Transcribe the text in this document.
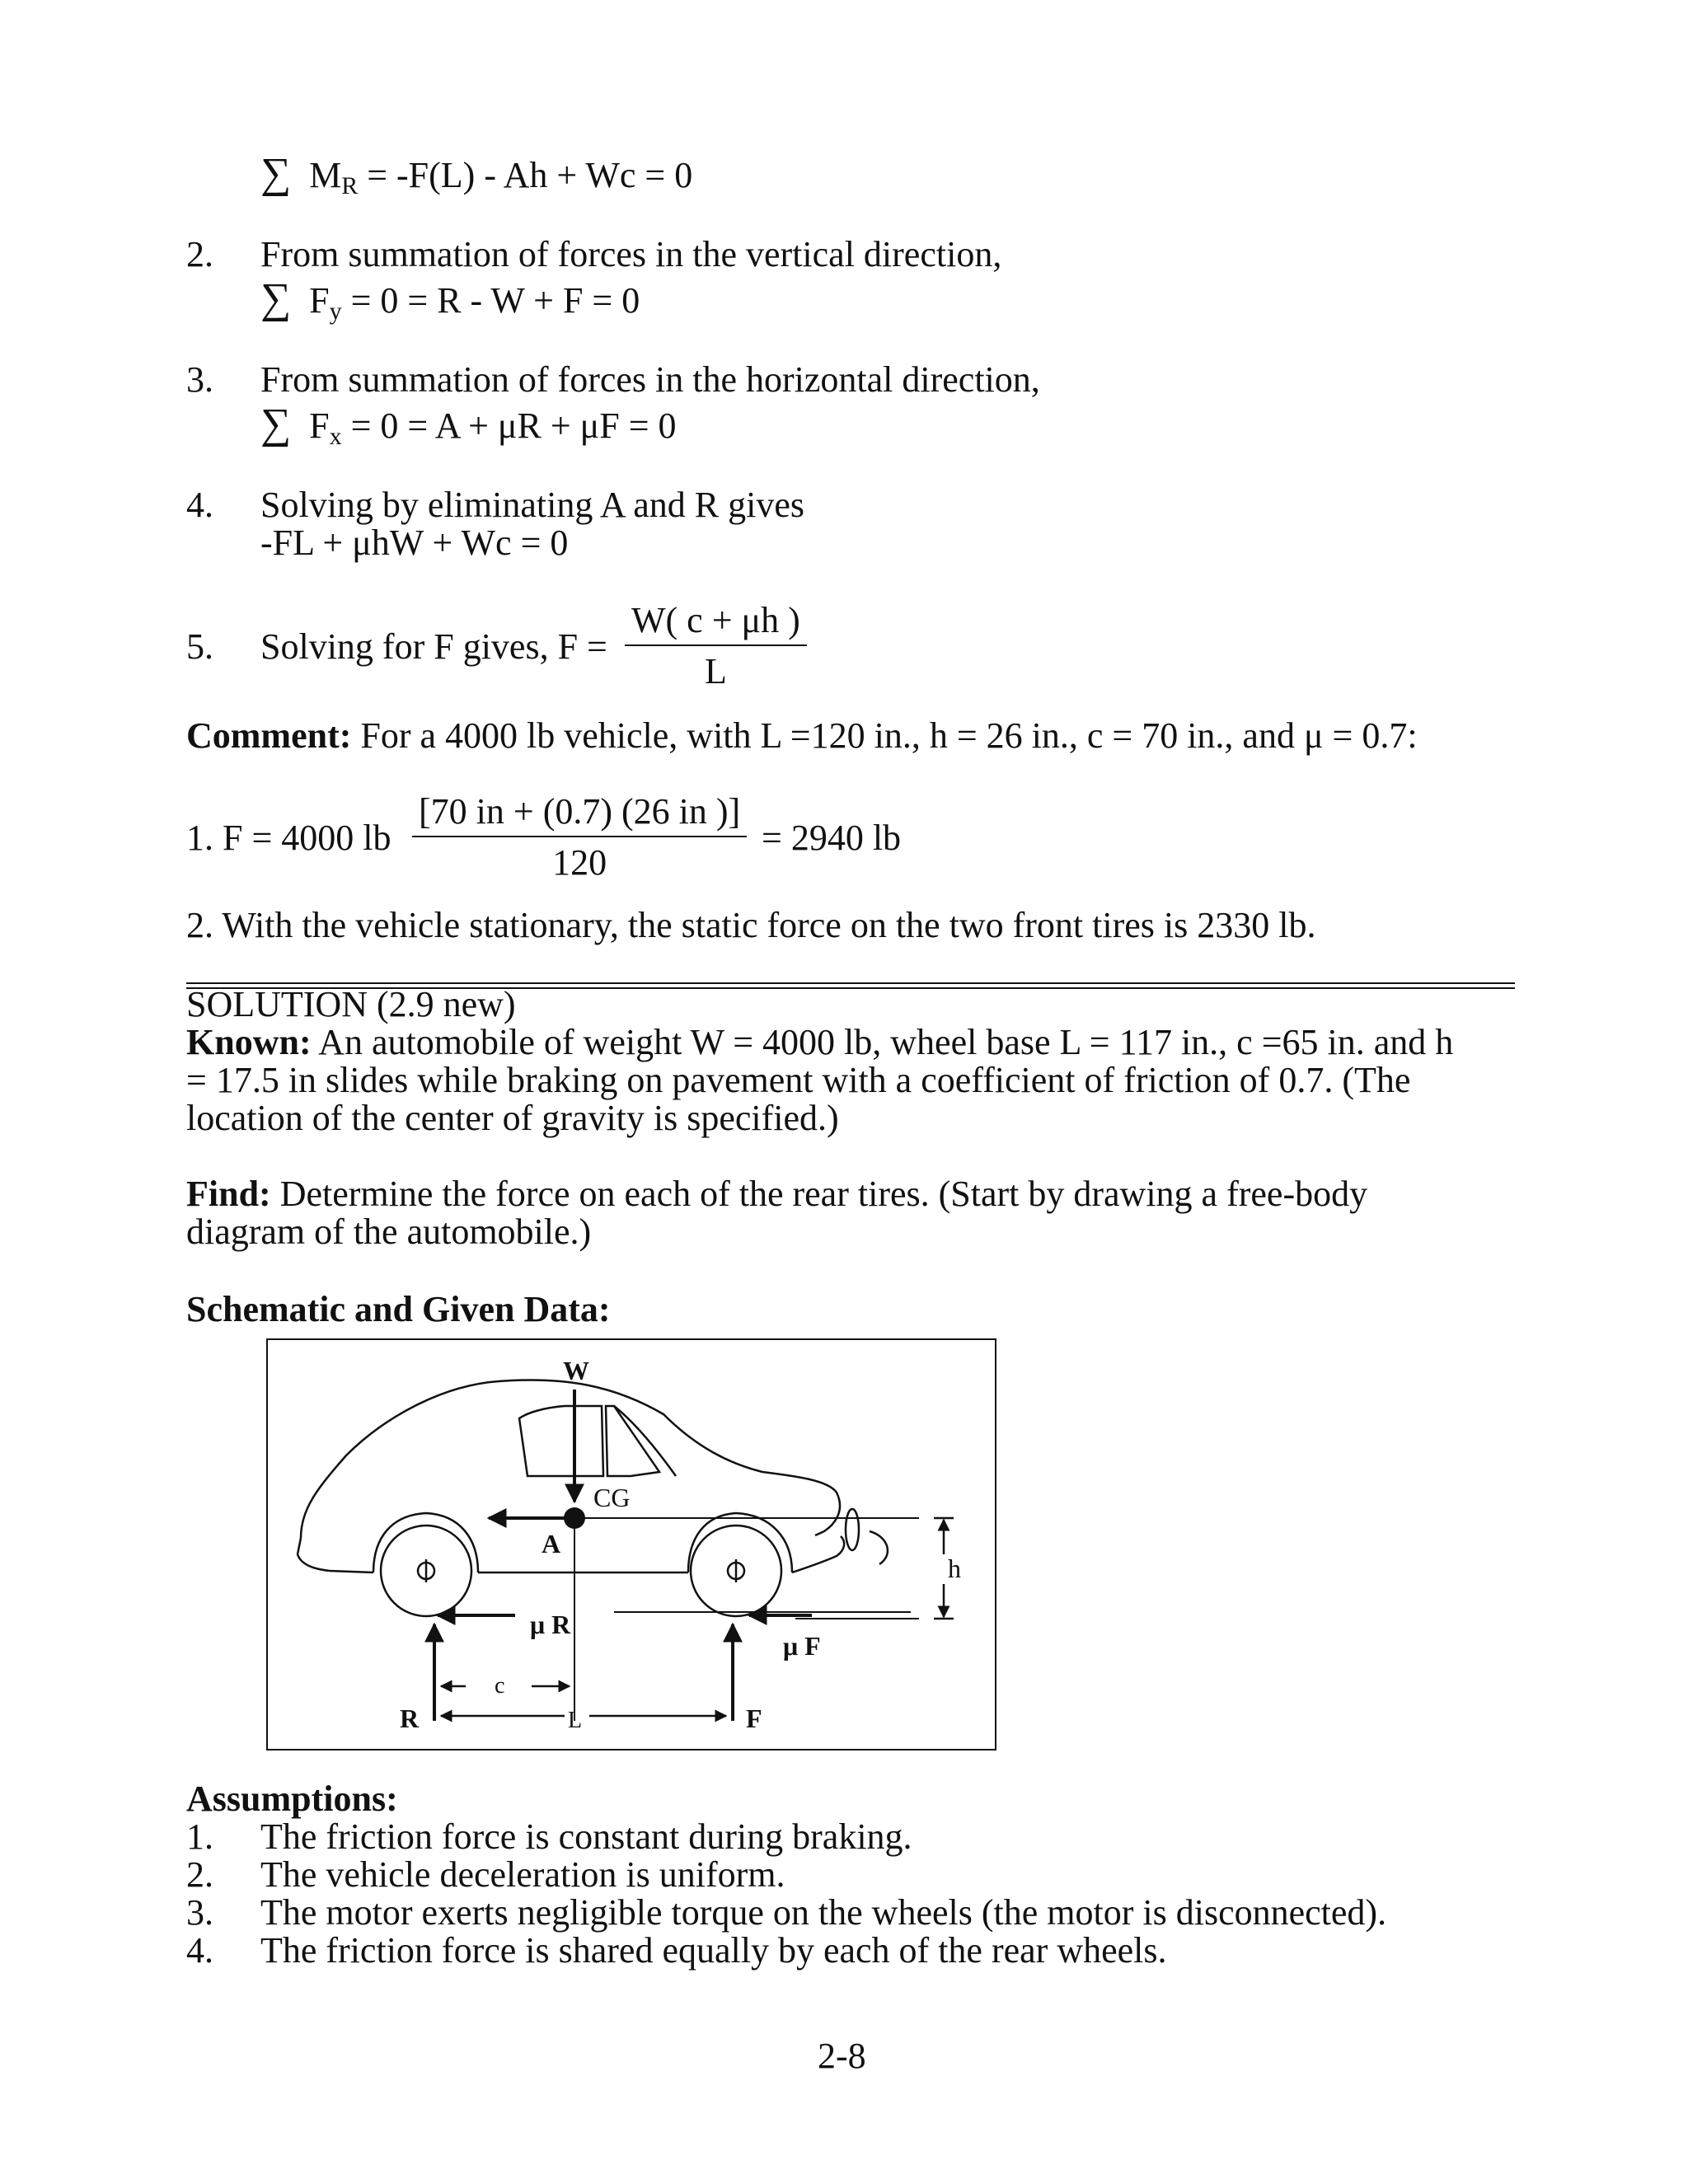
∑ $M_R = -F(L) - Ah + Wc = 0$
2. From summation of forces in the vertical direction,
∑ $F_y = 0 = R - W + F = 0$
3. From summation of forces in the horizontal direction,
∑ $F_x = 0 = A + \mu R + \mu F = 0$
4. Solving by eliminating A and R gives
-FL + μhW + Wc = 0
5. Solving for F gives, $F = \frac{W( c + \mu h )}{L}$
Comment: For a 4000 lb vehicle, with L =120 in., h = 26 in., c = 70 in., and μ = 0.7:
1. F = 4000 lb $\frac{[70 in + (0.7) (26 in )]}{120} = 2940$ lb
2. With the vehicle stationary, the static force on the two front tires is 2330 lb.
SOLUTION (2.9 new)
Known: An automobile of weight W = 4000 lb, wheel base L = 117 in., c =65 in. and h
= 17.5 in slides while braking on pavement with a coefficient of friction of 0.7. (The
location of the center of gravity is specified.)
Find: Determine the force on each of the rear tires. (Start by drawing a free-body
diagram of the automobile.)
Schematic and Given Data:
W
CG
A
h
μ R
μ F
c
R	L	F
Assumptions:
1. The friction force is constant during braking.
2. The vehicle deceleration is uniform.
3. The motor exerts negligible torque on the wheels (the motor is disconnected).
4. The friction force is shared equally by each of the rear wheels.
2-8
